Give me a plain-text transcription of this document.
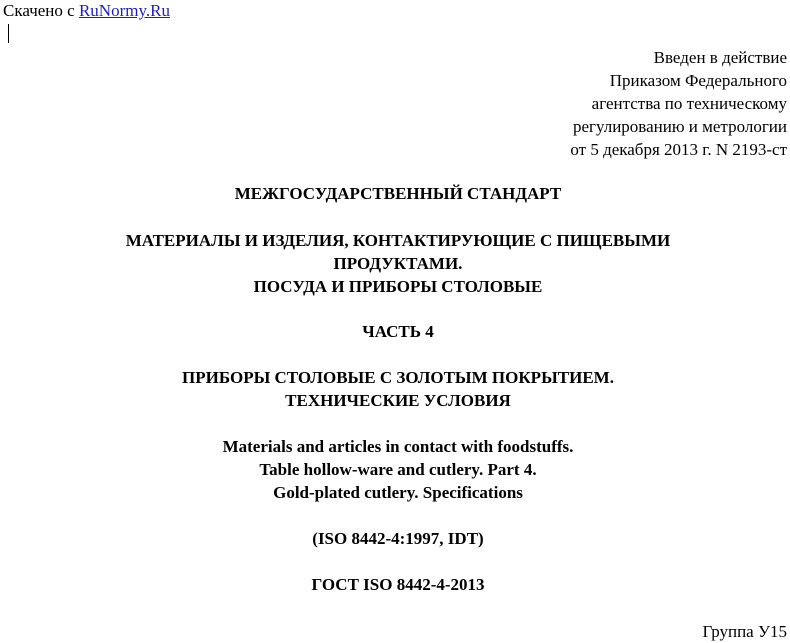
Скачено с RuNormy.Ru
Введен в действие
Приказом Федерального
агентства по техническому
регулированию и метрологии
от 5 декабря 2013 г. N 2193-ст
МЕЖГОСУДАРСТВЕННЫЙ СТАНДАРТ
МАТЕРИАЛЫ И ИЗДЕЛИЯ, КОНТАКТИРУЮЩИЕ С ПИЩЕВЫМИ
ПРОДУКТАМИ.
ПОСУДА И ПРИБОРЫ СТОЛОВЫЕ
ЧАСТЬ 4
ПРИБОРЫ СТОЛОВЫЕ С ЗОЛОТЫМ ПОКРЫТИЕМ.
ТЕХНИЧЕСКИЕ УСЛОВИЯ
Materials and articles in contact with foodstuffs.
Table hollow-ware and cutlery. Part 4.
Gold-plated cutlery. Specifications
(ISO 8442-4:1997, IDT)
ГОСТ ISO 8442-4-2013
Группа У15
